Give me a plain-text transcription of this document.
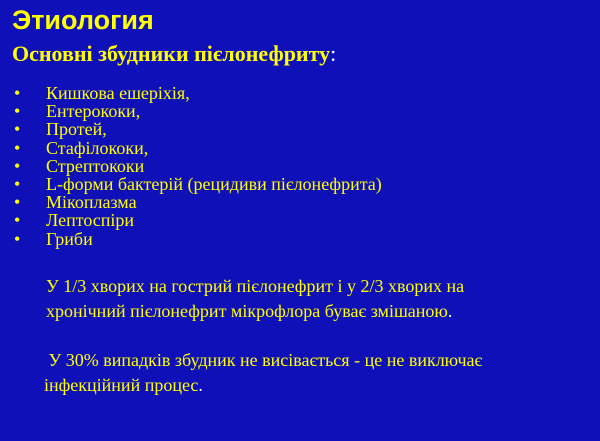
Этиология
Основні збудники пієлонефриту:
• Кишкова ешеріхія,
• Ентерококи,
• Протей,
• Стафілококи,
• Стрептококи
• L-форми бактерій (рецидиви пієлонефрита)
• Мікоплазма
• Лептоспіри
• Гриби
У 1/3 хворих на гострий пієлонефрит і у 2/3 хворих на
хронічний пієлонефрит мікрофлора буває змішаною.
У 30% випадків збудник не висівається - це не виключає
інфекційний процес.
